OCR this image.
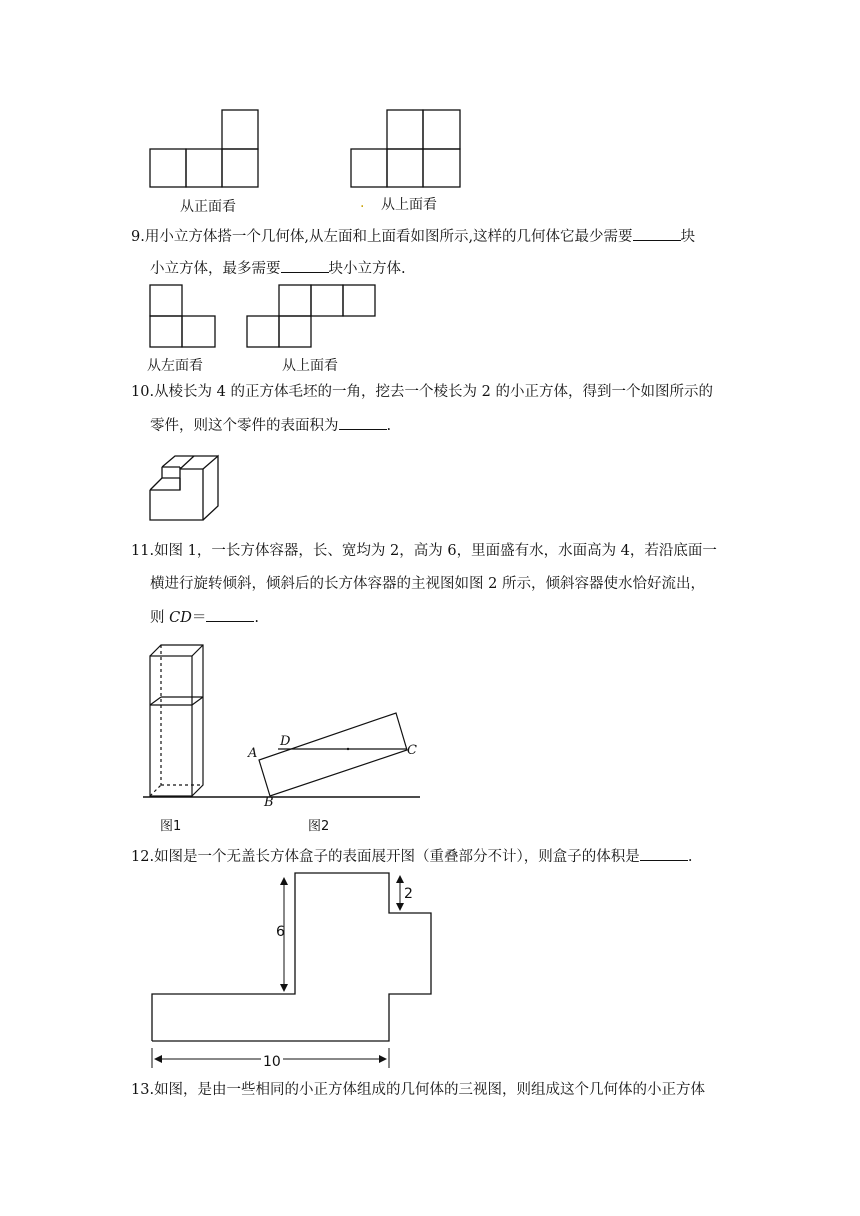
从正面看	. 从上面看
9.用小立方体搭一个几何体,从左面和上面看如图所示,这样的几何体它最少需要	块
小立方体，最多需要	块小立方体.
从左面看	从上面看
10.从棱长为 4 的正方体毛坯的一角，挖去一个棱长为 2 的小正方体，得到一个如图所示的
零件，则这个零件的表面积为	.
11.如图 1，一长方体容器，长、宽均为 2，高为 6，里面盛有水，水面高为 4，若沿底面一
横进行旋转倾斜，倾斜后的长方体容器的主视图如图 2 所示，倾斜容器使水恰好流出，
则 CD＝	.
A
D
C
B
图1	图2
12.如图是一个无盖长方体盒子的表面展开图（重叠部分不计），则盒子的体积是	.
6
2
10
13.如图，是由一些相同的小正方体组成的几何体的三视图，则组成这个几何体的小正方体
